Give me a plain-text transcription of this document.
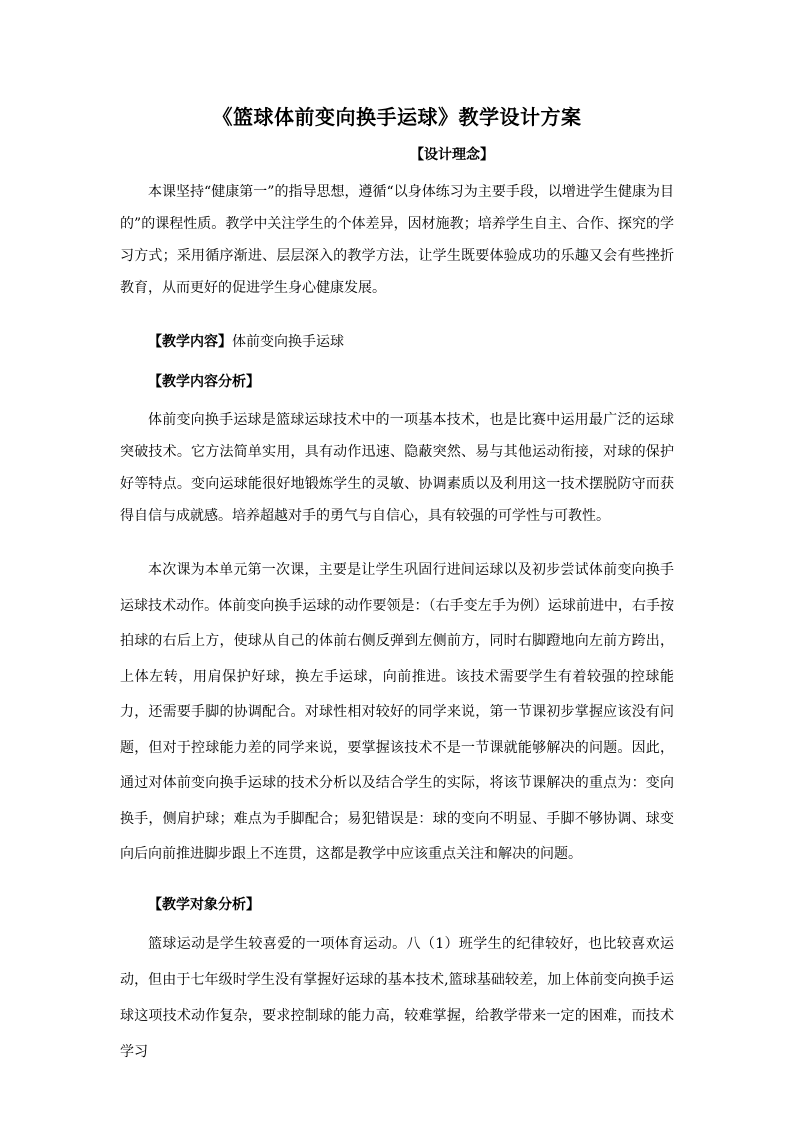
《篮球体前变向换手运球》教学设计方案
【设计理念】

本课坚持“健康第一”的指导思想，遵循“以身体练习为主要手段，以增进学生健康为目的”的课程性质。教学中关注学生的个体差异，因材施教；培养学生自主、合作、探究的学习方式；采用循序渐进、层层深入的教学方法，让学生既要体验成功的乐趣又会有些挫折教育，从而更好的促进学生身心健康发展。

【教学内容】体前变向换手运球

【教学内容分析】

体前变向换手运球是篮球运球技术中的一项基本技术，也是比赛中运用最广泛的运球突破技术。它方法简单实用，具有动作迅速、隐蔽突然、易与其他运动衔接，对球的保护好等特点。变向运球能很好地锻炼学生的灵敏、协调素质以及利用这一技术摆脱防守而获得自信与成就感。培养超越对手的勇气与自信心，具有较强的可学性与可教性。

本次课为本单元第一次课，主要是让学生巩固行进间运球以及初步尝试体前变向换手运球技术动作。体前变向换手运球的动作要领是：（右手变左手为例）运球前进中，右手按拍球的右后上方，使球从自己的体前右侧反弹到左侧前方，同时右脚蹬地向左前方跨出，上体左转，用肩保护好球，换左手运球，向前推进。该技术需要学生有着较强的控球能力，还需要手脚的协调配合。对球性相对较好的同学来说，第一节课初步掌握应该没有问题，但对于控球能力差的同学来说，要掌握该技术不是一节课就能够解决的问题。因此，通过对体前变向换手运球的技术分析以及结合学生的实际，将该节课解决的重点为：变向换手，侧肩护球；难点为手脚配合；易犯错误是：球的变向不明显、手脚不够协调、球变向后向前推进脚步跟上不连贯，这都是教学中应该重点关注和解决的问题。

【教学对象分析】

篮球运动是学生较喜爱的一项体育运动。八（1）班学生的纪律较好，也比较喜欢运动，但由于七年级时学生没有掌握好运球的基本技术,篮球基础较差，加上体前变向换手运球这项技术动作复杂，要求控制球的能力高，较难掌握，给教学带来一定的困难，而技术学习
